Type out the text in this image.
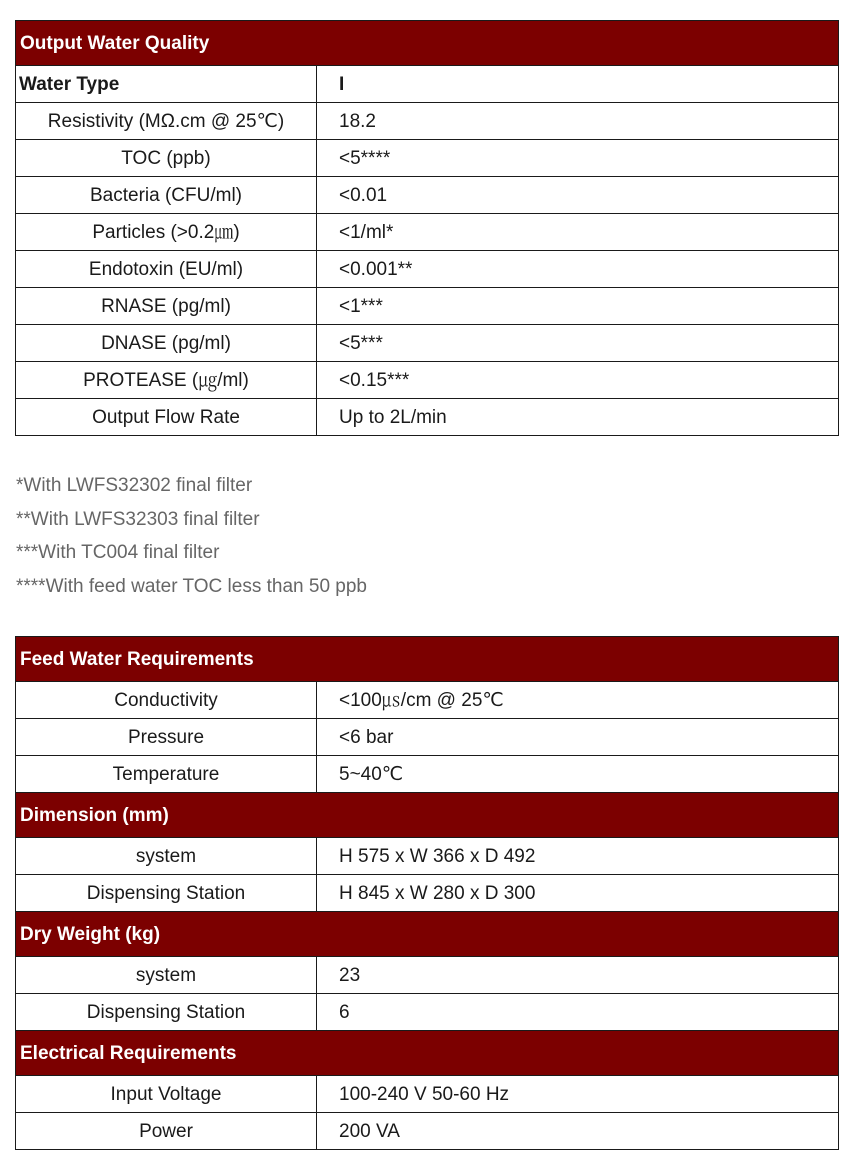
Output Water Quality	
Water Type	I
Resistivity (MΩ.cm @ 25℃)	18.2
TOC (ppb)	<5****
Bacteria (CFU/ml)	<0.01
Particles (>0.2㎛)	<1/ml*
Endotoxin (EU/ml)	<0.001**
RNASE (pg/ml)	<1***
DNASE (pg/ml)	<5***
PROTEASE (㎍/ml)	<0.15***
Output Flow Rate	Up to 2L/min
*With LWFS32302 final filter
**With LWFS32303 final filter
***With TC004 final filter
****With feed water TOC less than 50 ppb
Feed Water Requirements	
Conductivity	<100㎲/cm @ 25℃
Pressure	<6 bar
Temperature	5~40℃
Dimension (mm)	
system	H 575 x W 366 x D 492
Dispensing Station	H 845 x W 280 x D 300
Dry Weight (kg)	
system	23
Dispensing Station	6
Electrical Requirements	
Input Voltage	100-240 V 50-60 Hz
Power	200 VA
